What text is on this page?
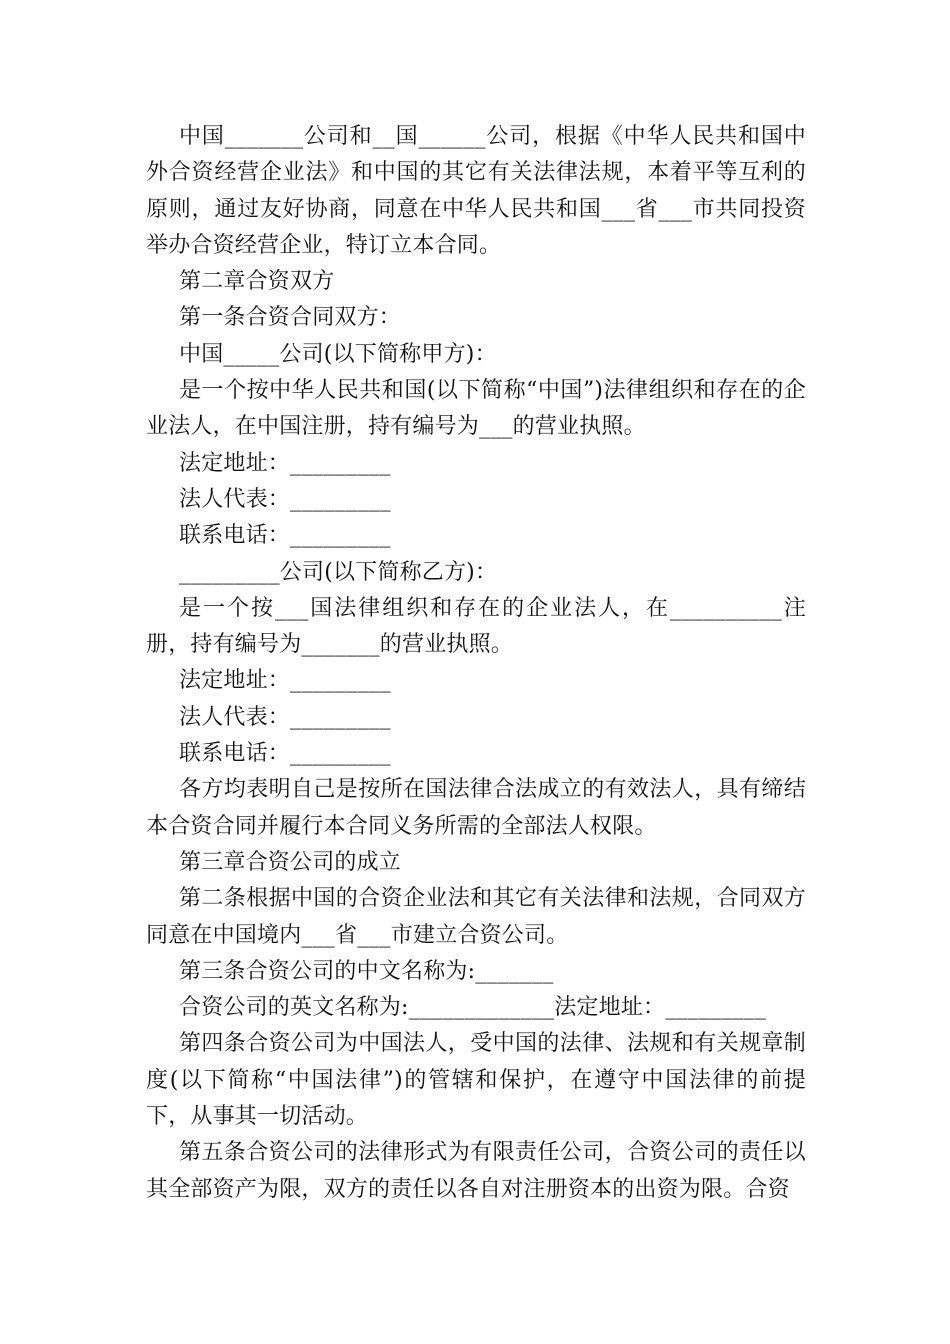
中国_______公司和__国______公司，根据《中华人民共和国中外合资经营企业法》和中国的其它有关法律法规，本着平等互利的原则，通过友好协商，同意在中华人民共和国___省___市共同投资举办合资经营企业，特订立本合同。

第二章合资双方

第一条合资合同双方：

中国_____公司(以下简称甲方)：

是一个按中华人民共和国(以下简称“中国”)法律组织和存在的企业法人，在中国注册，持有编号为___的营业执照。

法定地址：_________

法人代表：_________

联系电话：_________

_________公司(以下简称乙方)：

是一个按___国法律组织和存在的企业法人，在__________注册，持有编号为_______的营业执照。

法定地址：_________

法人代表：_________

联系电话：_________

各方均表明自己是按所在国法律合法成立的有效法人，具有缔结本合资合同并履行本合同义务所需的全部法人权限。

第三章合资公司的成立

第二条根据中国的合资企业法和其它有关法律和法规，合同双方同意在中国境内___省___市建立合资公司。

第三条合资公司的中文名称为:_______

合资公司的英文名称为:_____________法定地址：_________

第四条合资公司为中国法人，受中国的法律、法规和有关规章制度(以下简称“中国法律”)的管辖和保护，在遵守中国法律的前提下，从事其一切活动。

第五条合资公司的法律形式为有限责任公司，合资公司的责任以其全部资产为限，双方的责任以各自对注册资本的出资为限。合资
